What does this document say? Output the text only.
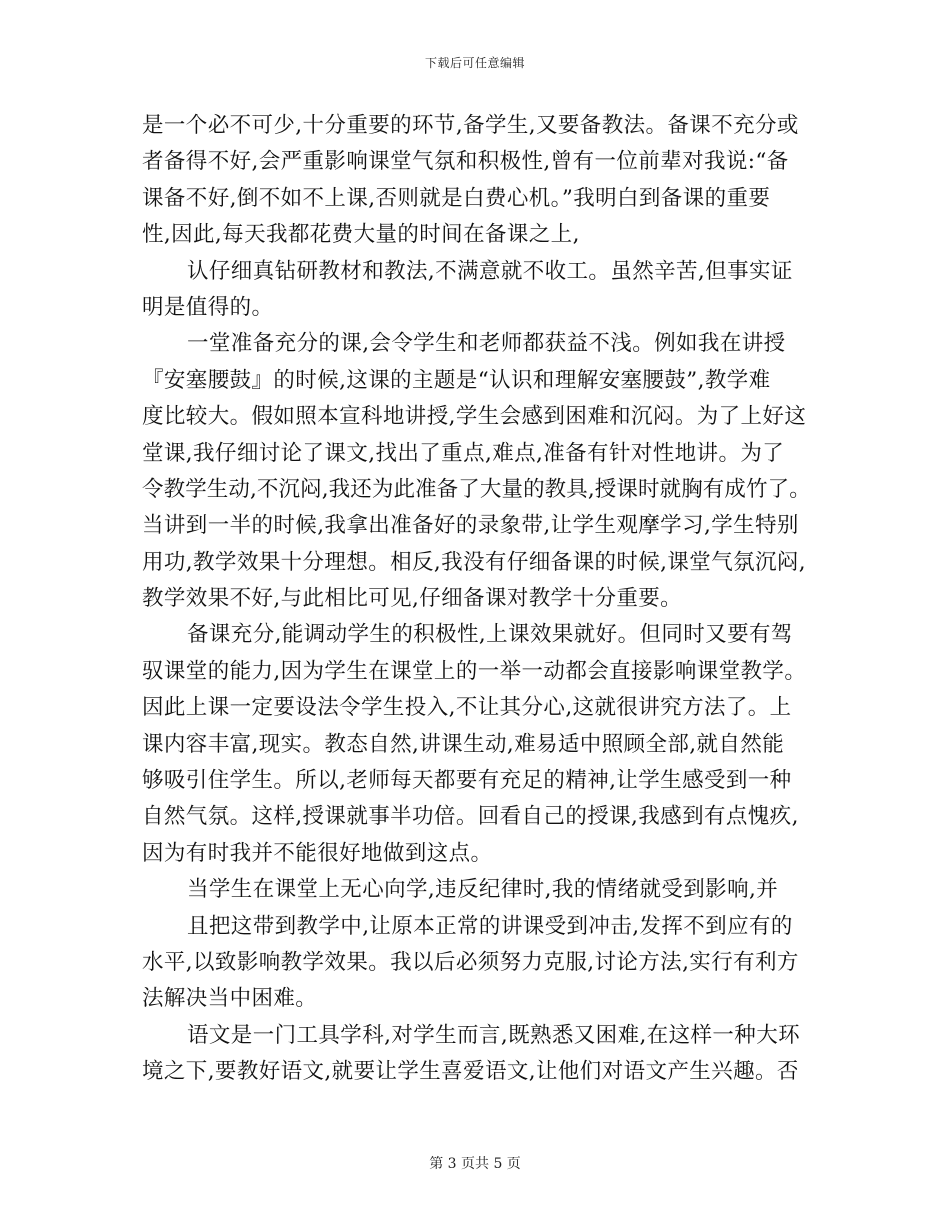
下载后可任意编辑
是一个必不可少,十分重要的环节,备学生,又要备教法。备课不充分或
者备得不好,会严重影响课堂气氛和积极性,曾有一位前辈对我说:“备
课备不好,倒不如不上课,否则就是白费心机。”我明白到备课的重要
性,因此,每天我都花费大量的时间在备课之上,
认仔细真钻研教材和教法,不满意就不收工。虽然辛苦,但事实证
明是值得的。
一堂准备充分的课,会令学生和老师都获益不浅。例如我在讲授
『安塞腰鼓』的时候,这课的主题是“认识和理解安塞腰鼓”,教学难
度比较大。假如照本宣科地讲授,学生会感到困难和沉闷。为了上好这
堂课,我仔细讨论了课文,找出了重点,难点,准备有针对性地讲。为了
令教学生动,不沉闷,我还为此准备了大量的教具,授课时就胸有成竹了。
当讲到一半的时候,我拿出准备好的录象带,让学生观摩学习,学生特别
用功,教学效果十分理想。相反,我没有仔细备课的时候,课堂气氛沉闷,
教学效果不好,与此相比可见,仔细备课对教学十分重要。
备课充分,能调动学生的积极性,上课效果就好。但同时又要有驾
驭课堂的能力,因为学生在课堂上的一举一动都会直接影响课堂教学。
因此上课一定要设法令学生投入,不让其分心,这就很讲究方法了。上
课内容丰富,现实。教态自然,讲课生动,难易适中照顾全部,就自然能
够吸引住学生。所以,老师每天都要有充足的精神,让学生感受到一种
自然气氛。这样,授课就事半功倍。回看自己的授课,我感到有点愧疚,
因为有时我并不能很好地做到这点。
当学生在课堂上无心向学,违反纪律时,我的情绪就受到影响,并
且把这带到教学中,让原本正常的讲课受到冲击,发挥不到应有的
水平,以致影响教学效果。我以后必须努力克服,讨论方法,实行有利方
法解决当中困难。
语文是一门工具学科,对学生而言,既熟悉又困难,在这样一种大环
境之下,要教好语文,就要让学生喜爱语文,让他们对语文产生兴趣。否
第 3 页共 5 页
